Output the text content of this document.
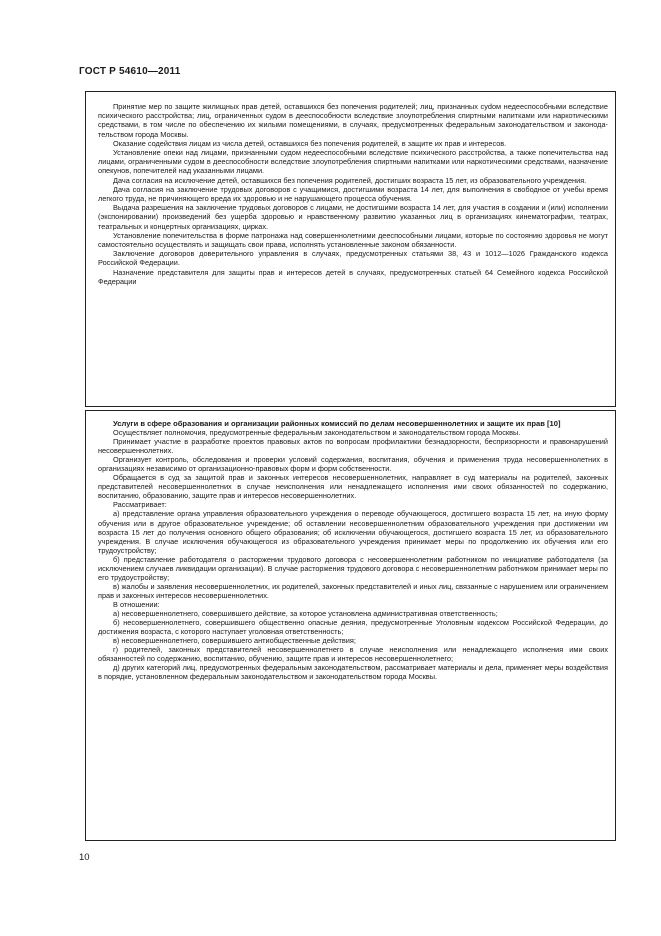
ГОСТ Р 54610—2011

Принятие мер по защите жилищных прав детей, оставшихся без попечения родителей; лиц, признанных суdом недееспособными вследствие психического расстройства; лиц, ограниченных судом в дееспособности вследствие злоупотребления спиртными напитками или наркотическими средствами, в том числе по обеспечению их жилыми помещениями, в случаях, предусмотренных федеральным законодательством и законодательством города Москвы.

Оказание содействия лицам из числа детей, оставшихся без попечения родителей, в защите их прав и интересов.

Установление опеки над лицами, признанными судом недееспособными вследствие психического расстройства, а также попечительства над лицами, ограниченными судом в дееспособности вследствие злоупотребления спиртными напитками или наркотическими средствами, назначение опекунов, попечителей над указанными лицами.

Дача согласия на исключение детей, оставшихся без попечения родителей, достигших возраста 15 лет, из образовательного учреждения.

Дача согласия на заключение трудовых договоров с учащимися, достигшими возраста 14 лет, для выполнения в свободное от учебы время легкого труда, не причиняющего вреда их здоровью и не нарушающего процесса обучения.

Выдача разрешения на заключение трудовых договоров с лицами, не достигшими возраста 14 лет, для участия в создании и (или) исполнении (экспонировании) произведений без ущерба здоровью и нравственному развитию указанных лиц в организациях кинематографии, театрах, театральных и концертных организациях, цирках.

Установление попечительства в форме патронажа над совершеннолетними дееспособными лицами, которые по состоянию здоровья не могут самостоятельно осуществлять и защищать свои права, исполнять установленные законом обязанности.

Заключение договоров доверительного управления в случаях, предусмотренных статьями 38, 43 и 1012—1026 Гражданского кодекса Российской Федерации.

Назначение представителя для защиты прав и интересов детей в случаях, предусмотренных статьей 64 Семейного кодекса Российской Федерации

Услуги в сфере образования и организации районных комиссий по делам несовершеннолетних и защите их прав [10]

Осуществляет полномочия, предусмотренные федеральным законодательством и законодательством города Москвы.

Принимает участие в разработке проектов правовых актов по вопросам профилактики безнадзорности, беспризорности и правонарушений несовершеннолетних.

Организует контроль, обследования и проверки условий содержания, воспитания, обучения и применения труда несовершеннолетних в организациях независимо от организационно-правовых форм и форм собственности.

Обращается в суд за защитой прав и законных интересов несовершеннолетних, направляет в суд материалы на родителей, законных представителей несовершеннолетних в случае неисполнения или ненадлежащего исполнения ими своих обязанностей по содержанию, воспитанию, образованию, защите прав и интересов несовершеннолетних.

Рассматривает:

а) представление органа управления образовательного учреждения о переводе обучающегося, достигшего возраста 15 лет, на иную форму обучения или в другое образовательное учреждение; об оставлении несовершеннолетним образовательного учреждения при достижении им возраста 15 лет до получения основного общего образования; об исключении обучающегося, достигшего возраста 15 лет, из образовательного учреждения. В случае исключения обучающегося из образовательного учреждения принимает меры по продолжению их обучения или его трудоустройству;

б) представление работодателя о расторжении трудового договора с несовершеннолетним работником по инициативе работодателя (за исключением случаев ликвидации организации). В случае расторжения трудового договора с несовершеннолетним работником принимает меры по его трудоустройству;

в) жалобы и заявления несовершеннолетних, их родителей, законных представителей и иных лиц, связанные с нарушением или ограничением прав и законных интересов несовершеннолетних.

В отношении:

а) несовершеннолетнего, совершившего действие, за которое установлена административная ответственность;

б) несовершеннолетнего, совершившего общественно опасные деяния, предусмотренные Уголовным кодексом Российской Федерации, до достижения возраста, с которого наступает уголовная ответственность;

в) несовершеннолетнего, совершившего антиобщественные действия;

г) родителей, законных представителей несовершеннолетнего в случае неисполнения или ненадлежащего исполнения ими своих обязанностей по содержанию, воспитанию, обучению, защите прав и интересов несовершеннолетнего;

д) других категорий лиц, предусмотренных федеральным законодательством, рассматривает материалы и дела, применяет меры воздействия в порядке, установленном федеральным законодательством и законодательством города Москвы.

10
